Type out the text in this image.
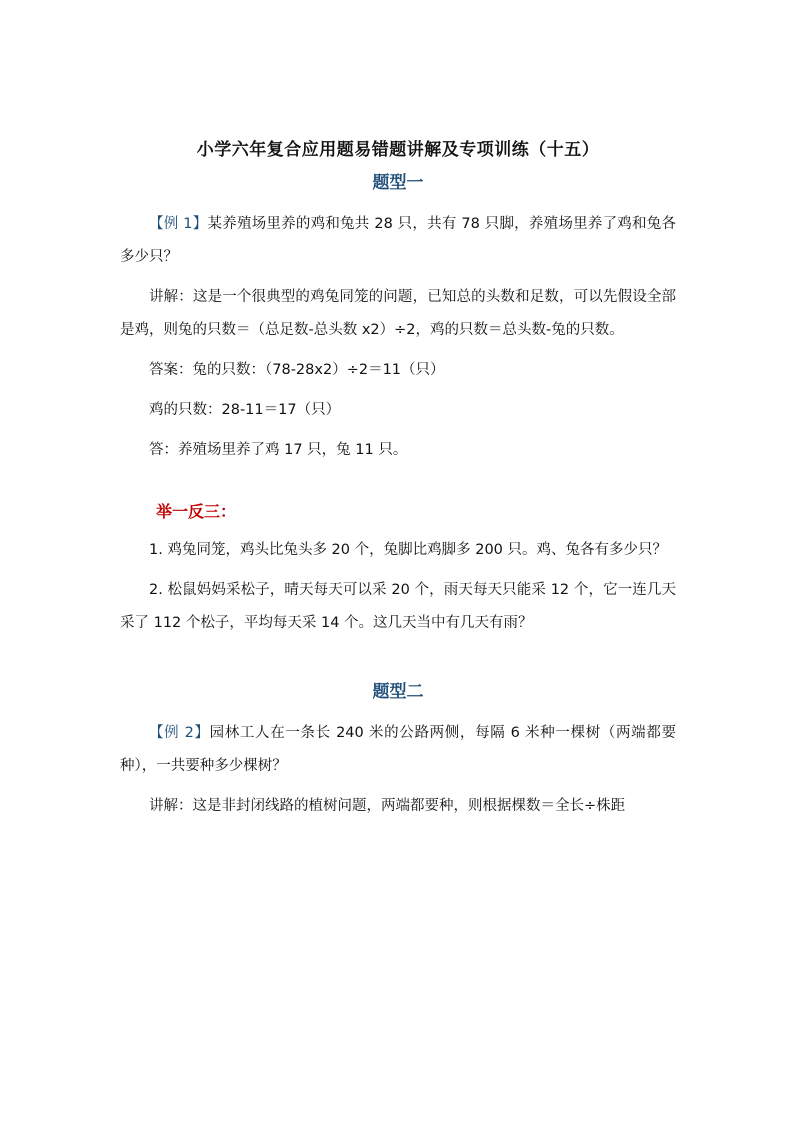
小学六年复合应用题易错题讲解及专项训练（十五）
题型一

【例 1】某养殖场里养的鸡和兔共 28 只，共有 78 只脚，养殖场里养了鸡和兔各多少只？

讲解：这是一个很典型的鸡兔同笼的问题，已知总的头数和足数，可以先假设全部是鸡，则兔的只数＝（总足数-总头数 x2）÷2，鸡的只数＝总头数-兔的只数。

答案：兔的只数：（78-28x2）÷2＝11（只）

鸡的只数：28-11＝17（只）

答：养殖场里养了鸡 17 只，兔 11 只。

举一反三：

1. 鸡兔同笼，鸡头比兔头多 20 个，兔脚比鸡脚多 200 只。鸡、兔各有多少只？

2. 松鼠妈妈采松子，晴天每天可以采 20 个，雨天每天只能采 12 个，它一连几天采了 112 个松子，平均每天采 14 个。这几天当中有几天有雨？

题型二

【例 2】园林工人在一条长 240 米的公路两侧，每隔 6 米种一棵树（两端都要种），一共要种多少棵树？

讲解：这是非封闭线路的植树问题，两端都要种，则根据棵数＝全长÷株距
